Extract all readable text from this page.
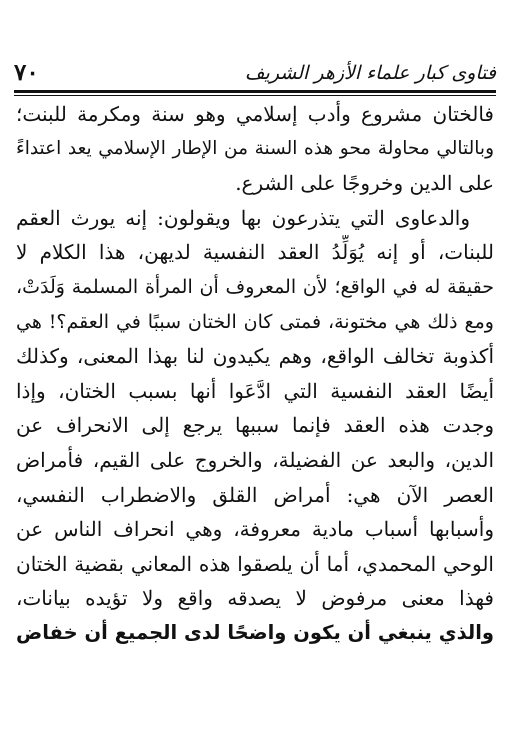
٧٠	فتاوى كبار علماء الأزهر الشريف
فالختان مشروع وأدب إسلامي وهو سنة ومكرمة للبنت؛
وبالتالي محاولة محو هذه السنة من الإطار الإسلامي يعد اعتداءً
على الدين وخروجًا على الشرع.
والدعاوى التي يتذرعون بها ويقولون: إنه يورث العقم
للبنات، أو إنه يُوَلِّدُ العقد النفسية لديهن، هذا الكلام لا
حقيقة له في الواقع؛ لأن المعروف أن المرأة المسلمة وَلَدَتْ،
ومع ذلك هي مختونة، فمتى كان الختان سببًا في العقم؟! هي
أكذوبة تخالف الواقع، وهم يكيدون لنا بهذا المعنى، وكذلك
أيضًا العقد النفسية التي ادَّعَوا أنها بسبب الختان، وإذا
وجدت هذه العقد فإنما سببها يرجع إلى الانحراف عن
الدين، والبعد عن الفضيلة، والخروج على القيم، فأمراض
العصر الآن هي: أمراض القلق والاضطراب النفسي،
وأسبابها أسباب مادية معروفة، وهي انحراف الناس عن
الوحي المحمدي، أما أن يلصقوا هذه المعاني بقضية الختان
فهذا معنى مرفوض لا يصدقه واقع ولا تؤيده بيانات،
والذي ينبغي أن يكون واضحًا لدى الجميع أن خفاض
